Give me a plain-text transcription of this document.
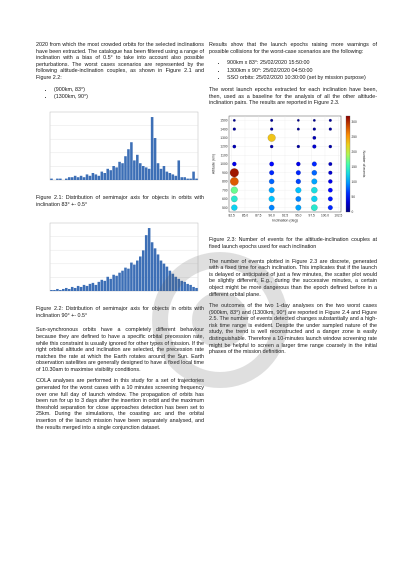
2020 from which the most crowded orbits for the selected inclinations have been extracted. The catalogue has been filtered using a range of inclination with a bias of 0.5° to take into account also possible perturbations. The worst cases scenarios are represented by the following altitude-inclination couples, as shown in Figure 2.1 and Figure 2.2:

• (900km, 83°)
• (1300km, 90°)

Figure 2.1: Distribution of semimajor axis for objects in orbits with inclination 83° +- 0.5°

Figure 2.2: Distribution of semimajor axis for objects in orbits with inclination 90° +- 0.5°

Sun-synchronous orbits have a completely different behaviour because they are defined to have a specific orbital precession rate, while this constraint is usually ignored for other types of mission. If the right orbital altitude and inclination are selected, the precession rate matches the rate at which the Earth rotates around the Sun. Earth observation satellites are generally designed to have a fixed local time of 10.30am to maximise visibility conditions.

COLA analyses are performed in this study for a set of trajectories generated for the worst cases with a 10 minutes screening frequency over one full day of launch window. The propagation of orbits has been run for up to 3 days after the insertion in orbit and the maximum threshold separation for close approaches detection has been set to 25km. During the simulations, the coasting arc and the orbital insertion of the launch mission have been separately analysed, and the results merged into a single conjunction dataset.

Results show that the launch epochs raising more warnings of possible collisions for the worst-case scenarios are the following:

• 900km x 83°: 25/02/2020 15:50:00
• 1300km x 90°: 25/02/2020 04:50:00
• SSO orbits: 25/02/2020 10:30:00 (set by mission purpose)

The worst launch epochs extracted for each inclination have been, then, used as a baseline for the analysis of all the other altitude-inclination pairs. The results are reported in Figure 2.3.

500
600
700
800
900
1000
1100
1200
1300
1400
1500
82.5 85.0 87.5 90.0 92.5 95.0 97.5 100.0 102.5
Inclination (deg)
Altitude (km)
0
50
100
150
200
250
300
Number of events

Figure 2.3: Number of events for the altitude-inclination couples at fixed launch epochs used for each inclination

The number of events plotted in Figure 2.3 are discrete, generated with a fixed time for each inclination. This implicates that if the launch is delayed or anticipated of just a few minutes, the scatter plot would be slightly different. E.g., during the successive minutes, a certain object might be more dangerous than the epoch defined before in a different orbital plane.

The outcomes of the two 1-day analyses on the two worst cases (900km, 83°) and (1300km, 90°) are reported in Figure 2.4 and Figure 2.5. The number of events detected changes substantially and a high-risk time range is evident. Despite the under sampled nature of the study, the trend is well reconstructed and a danger zone is easily distinguishable. Therefore a 10-minutes launch window screening rate might be helpful to screen a larger time range coarsely in the initial phases of the mission definition.
